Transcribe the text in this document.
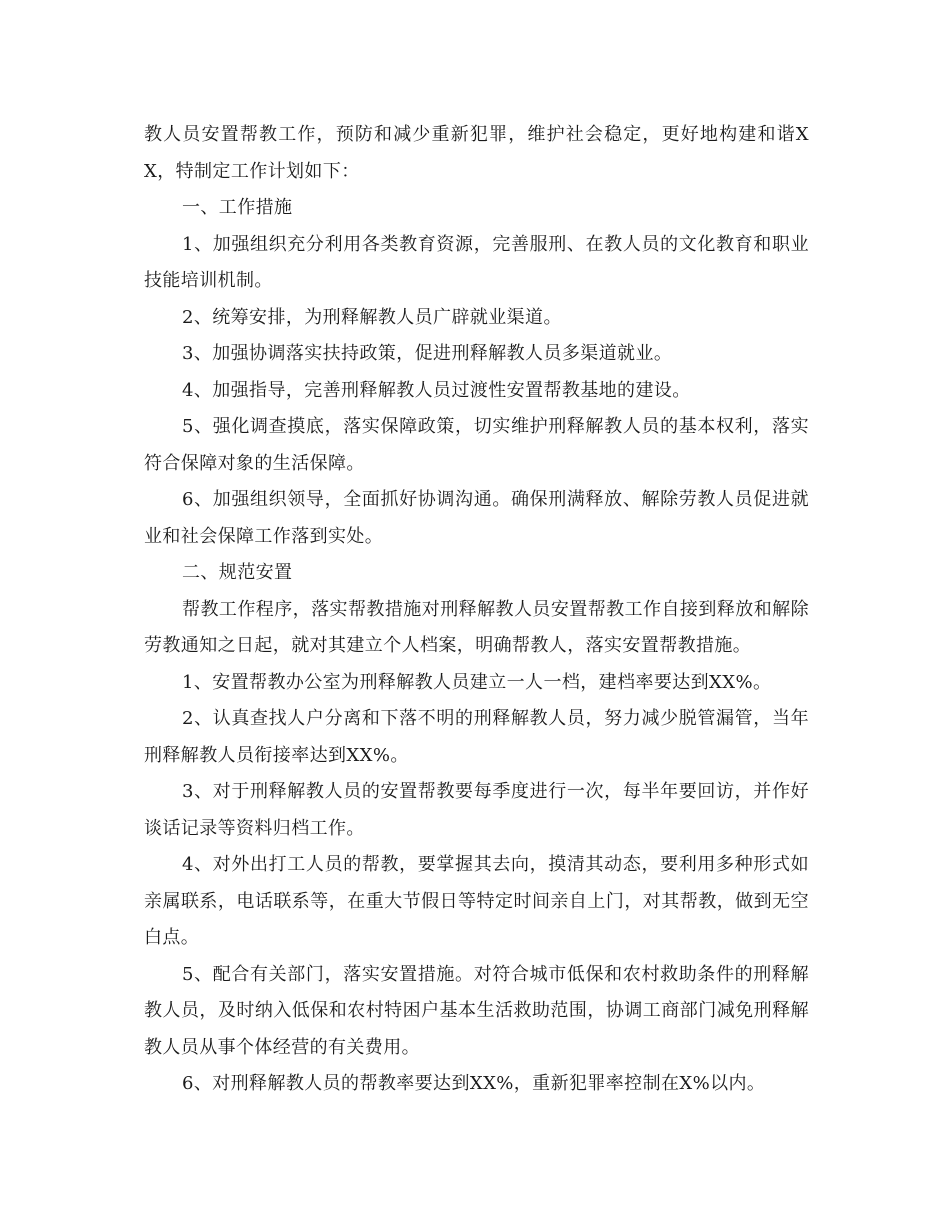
教人员安置帮教工作，预防和减少重新犯罪，维护社会稳定，更好地构建和谐XX，特制定工作计划如下：

一、工作措施

1、加强组织充分利用各类教育资源，完善服刑、在教人员的文化教育和职业技能培训机制。

2、统筹安排，为刑释解教人员广辟就业渠道。

3、加强协调落实扶持政策，促进刑释解教人员多渠道就业。

4、加强指导，完善刑释解教人员过渡性安置帮教基地的建设。

5、强化调查摸底，落实保障政策，切实维护刑释解教人员的基本权利，落实符合保障对象的生活保障。

6、加强组织领导，全面抓好协调沟通。确保刑满释放、解除劳教人员促进就业和社会保障工作落到实处。

二、规范安置

帮教工作程序，落实帮教措施对刑释解教人员安置帮教工作自接到释放和解除劳教通知之日起，就对其建立个人档案，明确帮教人，落实安置帮教措施。

1、安置帮教办公室为刑释解教人员建立一人一档，建档率要达到XX%。

2、认真查找人户分离和下落不明的刑释解教人员，努力减少脱管漏管，当年刑释解教人员衔接率达到XX%。

3、对于刑释解教人员的安置帮教要每季度进行一次，每半年要回访，并作好谈话记录等资料归档工作。

4、对外出打工人员的帮教，要掌握其去向，摸清其动态，要利用多种形式如亲属联系，电话联系等，在重大节假日等特定时间亲自上门，对其帮教，做到无空白点。

5、配合有关部门，落实安置措施。对符合城市低保和农村救助条件的刑释解教人员，及时纳入低保和农村特困户基本生活救助范围，协调工商部门减免刑释解教人员从事个体经营的有关费用。

6、对刑释解教人员的帮教率要达到XX%，重新犯罪率控制在X%以内。
